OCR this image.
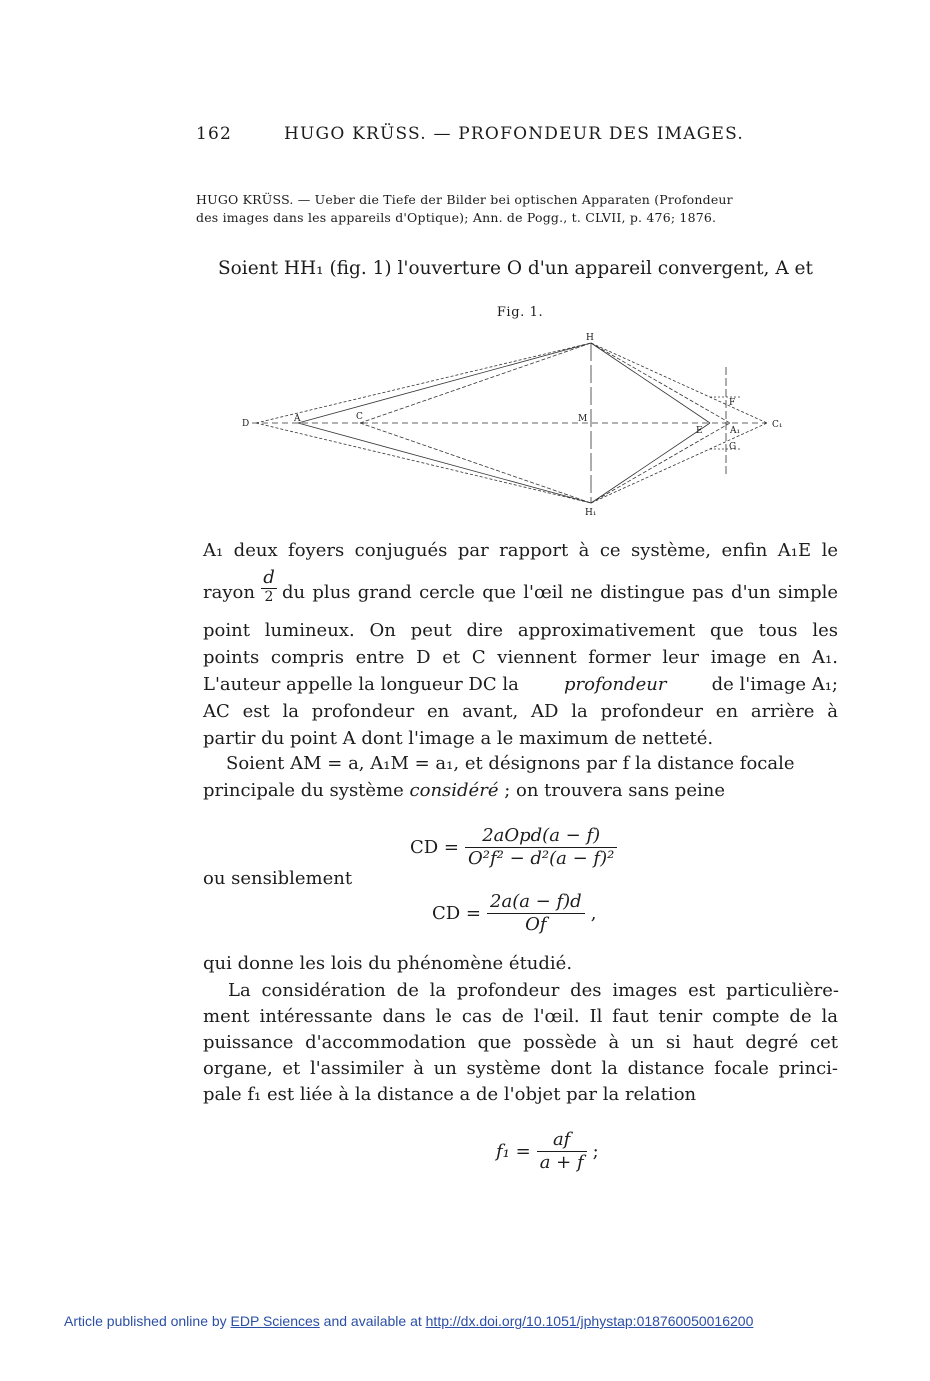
162	HUGO KRÜSS. — PROFONDEUR DES IMAGES.
HUGO KRÜSS. — Ueber die Tiefe der Bilder bei optischen Apparaten (Profondeur
des images dans les appareils d'Optique); Ann. de Pogg., t. CLVII, p. 476; 1876.
Soient HH₁ (fig. 1) l'ouverture O d'un appareil convergent, A et
Fig. 1.
D	A	C	M
H
H₁
E	A₁
C₁
F
G
A₁ deux foyers conjugués par rapport à ce système, enfin A₁E le
rayon
d
2 du plus grand cercle que l'œil ne distingue pas d'un simple
point lumineux. On peut dire approximativement que tous les
points compris entre D et C viennent former leur image en A₁.
L'auteur appelle la longueur DC la	profondeur	de l'image A₁;
AC est la profondeur en avant, AD la profondeur en arrière à
partir du point A dont l'image a le maximum de netteté.
Soient AM = a, A₁M = a₁, et désignons par f la distance focale
principale du système considéré ; on trouvera sans peine
CD = $\frac{\text{2aOpd(a − f)}}{\text{O²f² − d²(a − f)²}}$
ou sensiblement
CD = $\frac{2a(a - f)d}{Of}$ ,
qui donne les lois du phénomène étudié.
La considération de la profondeur des images est particulière-
ment intéressante dans le cas de l'œil. Il faut tenir compte de la
puissance d'accommodation que possède à un si haut degré cet
organe, et l'assimiler à un système dont la distance focale princi-
pale f₁ est liée à la distance a de l'objet par la relation
$f_1 = \frac{af}{a + f}$ ;
Article published online by EDP Sciences and available at http://dx.doi.org/10.1051/jphystap:018760050016200
